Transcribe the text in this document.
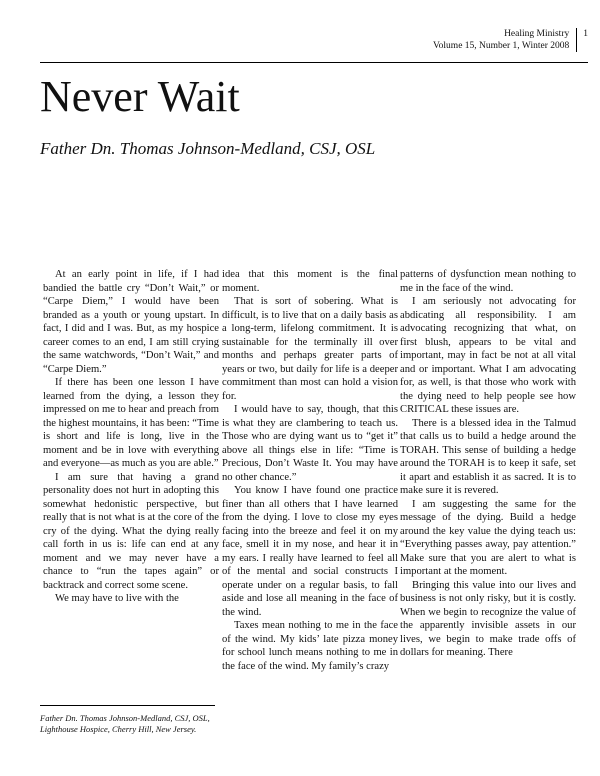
Healing Ministry
Volume 15, Number 1, Winter 2008
1
Never Wait

Father Dn. Thomas Johnson-Medland, CSJ, OSL

At an early point in life, if I had bandied the battle cry “Don’t Wait,” or “Carpe Diem,” I would have been branded as a youth or young upstart. In fact, I did and I was. But, as my hospice career comes to an end, I am still crying the same watchwords, “Don’t Wait,” and “Carpe Diem.”

If there has been one lesson I have learned from the dying, a lesson they impressed on me to hear and preach from the highest mountains, it has been: “Time is short and life is long, live in the moment and be in love with everything and everyone—as much as you are able.”

I am sure that having a grand personality does not hurt in adopting this somewhat hedonistic perspective, but really that is not what is at the core of the cry of the dying. What the dying really call forth in us is: life can end at any moment and we may never have a chance to “run the tapes again” or backtrack and correct some scene.

We may have to live with the

idea that this moment is the final moment.

That is sort of sobering. What is difficult, is to live that on a daily basis as a long-term, lifelong commitment. It is sustainable for the terminally ill over months and perhaps greater parts of years or two, but daily for life is a deeper commitment than most can hold a vision for.

I would have to say, though, that this is what they are clambering to teach us. Those who are dying want us to “get it” above all things else in life: “Time is Precious, Don’t Waste It. You may have no other chance.”

You know I have found one practice finer than all others that I have learned from the dying. I love to close my eyes facing into the breeze and feel it on my face, smell it in my nose, and hear it in my ears. I really have learned to feel all of the mental and social constructs I operate under on a regular basis, to fall aside and lose all meaning in the face of the wind.

Taxes mean nothing to me in the face of the wind. My kids’ late pizza money for school lunch means nothing to me in the face of the wind. My family’s crazy

patterns of dysfunction mean nothing to me in the face of the wind.

I am seriously not advocating for abdicating all responsibility. I am advocating recognizing that what, on first blush, appears to be vital and important, may in fact be not at all vital and or important. What I am advocating for, as well, is that those who work with the dying need to help people see how CRITICAL these issues are.

There is a blessed idea in the Talmud that calls us to build a hedge around the TORAH. This sense of building a hedge around the TORAH is to keep it safe, set it apart and establish it as sacred. It is to make sure it is revered.

I am suggesting the same for the message of the dying. Build a hedge around the key value the dying teach us: “Everything passes away, pay attention.” Make sure that you are alert to what is important at the moment.

Bringing this value into our lives and business is not only risky, but it is costly. When we begin to recognize the value of the apparently invisible assets in our lives, we begin to make trade offs of dollars for meaning. There

Father Dn. Thomas Johnson-Medland, CSJ, OSL, Lighthouse Hospice, Cherry Hill, New Jersey.
